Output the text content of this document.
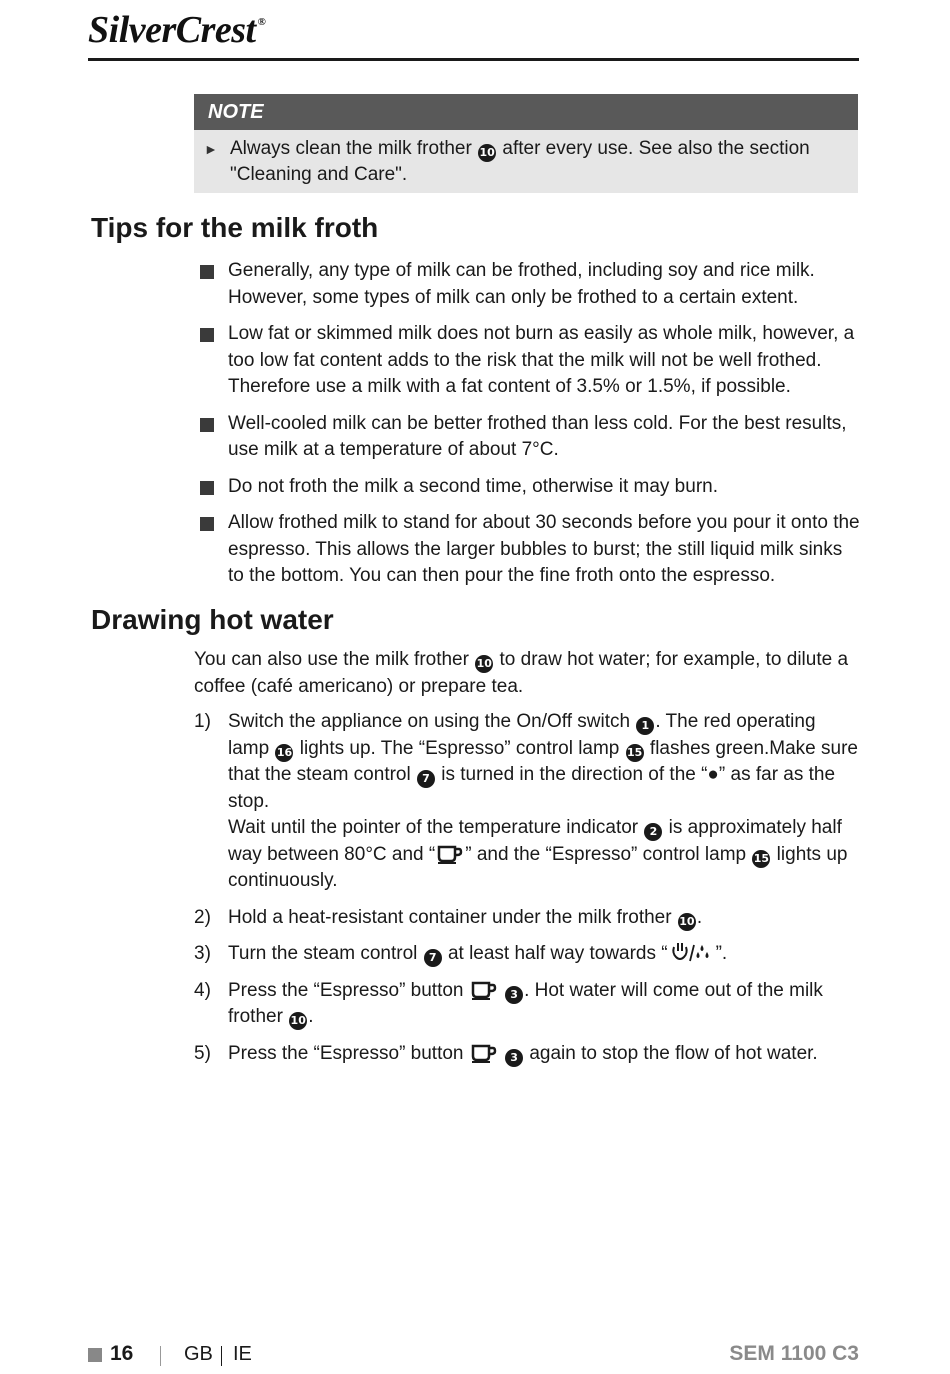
SilverCrest ®
NOTE
► Always clean the milk frother 10 after every use. See also the section "Cleaning and Care".
Tips for the milk froth
Generally, any type of milk can be frothed, including soy and rice milk. However, some types of milk can only be frothed to a certain extent.
Low fat or skimmed milk does not burn as easily as whole milk, however, a too low fat content adds to the risk that the milk will not be well frothed. Therefore use a milk with a fat content of 3.5% or 1.5%, if possible.
Well-cooled milk can be better frothed than less cold. For the best results, use milk at a temperature of about 7°C.
Do not froth the milk a second time, otherwise it may burn.
Allow frothed milk to stand for about 30 seconds before you pour it onto the espresso. This allows the larger bubbles to burst; the still liquid milk sinks to the bottom. You can then pour the fine froth onto the espresso.
Drawing hot water

You can also use the milk frother 10 to draw hot water; for example, to dilute a coffee (café americano) or prepare tea.

1) Switch the appliance on using the On/Off switch 1 . The red operating lamp 16 lights up. The “Espresso” control lamp 15 flashes green.Make sure that the steam control 7 is turned in the direction of the “●” as far as the stop.
Wait until the pointer of the temperature indicator 2 is approximately half way between 80°C and “ ” and the “Espresso” control lamp 15 lights up continuously.
2) Hold a heat-resistant container under the milk frother 10 .
3) Turn the steam control 7 at least half way towards “	”.
4) Press the “Espresso” button	3 . Hot water will come out of the milk frother 10 .
5) Press the “Espresso” button	3 again to stop the flow of hot water.
16	GB IE	SEM 1100 C3
